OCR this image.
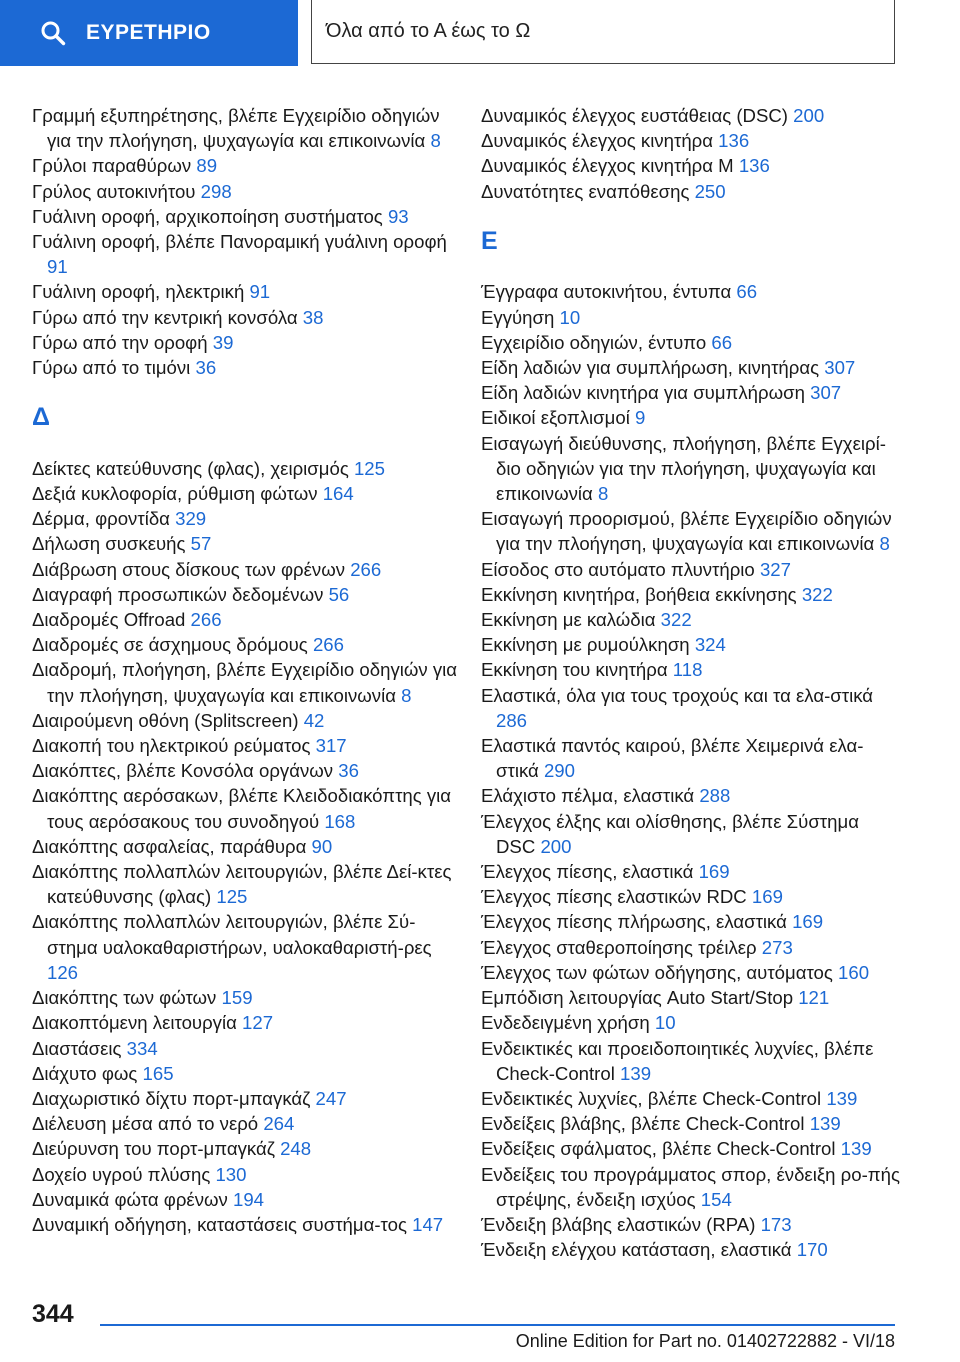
ΕΥΡΕΤΗΡΙΟ	Όλα από το Α έως το Ω
Γραμμή εξυπηρέτησης, βλέπε Εγχειρίδιο οδηγιών για την πλοήγηση, ψυχαγωγία και επικοινωνία 8
Γρύλοι παραθύρων 89
Γρύλος αυτοκινήτου 298
Γυάλινη οροφή, αρχικοποίηση συστήματος 93
Γυάλινη οροφή, βλέπε Πανοραμική γυάλινη οροφή 91
Γυάλινη οροφή, ηλεκτρική 91
Γύρω από την κεντρική κονσόλα 38
Γύρω από την οροφή 39
Γύρω από το τιμόνι 36
Δ
Δείκτες κατεύθυνσης (φλας), χειρισμός 125
Δεξιά κυκλοφορία, ρύθμιση φώτων 164
Δέρμα, φροντίδα 329
Δήλωση συσκευής 57
Διάβρωση στους δίσκους των φρένων 266
Διαγραφή προσωπικών δεδομένων 56
Διαδρομές Offroad 266
Διαδρομές σε άσχημους δρόμους 266
Διαδρομή, πλοήγηση, βλέπε Εγχειρίδιο οδηγιών για την πλοήγηση, ψυχαγωγία και επικοινωνία 8
Διαιρούμενη οθόνη (Splitscreen) 42
Διακοπή του ηλεκτρικού ρεύματος 317
Διακόπτες, βλέπε Κονσόλα οργάνων 36
Διακόπτης αερόσακων, βλέπε Κλειδοδιακόπτης για τους αερόσακους του συνοδηγού 168
Διακόπτης ασφαλείας, παράθυρα 90
Διακόπτης πολλαπλών λειτουργιών, βλέπε Δεί-κτες κατεύθυνσης (φλας) 125
Διακόπτης πολλαπλών λειτουργιών, βλέπε Σύ-στημα υαλοκαθαριστήρων, υαλοκαθαριστή-ρες 126
Διακόπτης των φώτων 159
Διακοπτόμενη λειτουργία 127
Διαστάσεις 334
Διάχυτο φως 165
Διαχωριστικό δίχτυ πορτ-μπαγκάζ 247
Διέλευση μέσα από το νερό 264
Διεύρυνση του πορτ-μπαγκάζ 248
Δοχείο υγρού πλύσης 130
Δυναμικά φώτα φρένων 194
Δυναμική οδήγηση, καταστάσεις συστήμα-τος 147
Δυναμικός έλεγχος ευστάθειας (DSC) 200
Δυναμικός έλεγχος κινητήρα 136
Δυναμικός έλεγχος κινητήρα M 136
Δυνατότητες εναπόθεσης 250
Ε
Έγγραφα αυτοκινήτου, έντυπα 66
Εγγύηση 10
Εγχειρίδιο οδηγιών, έντυπο 66
Είδη λαδιών για συμπλήρωση, κινητήρας 307
Είδη λαδιών κινητήρα για συμπλήρωση 307
Ειδικοί εξοπλισμοί 9
Εισαγωγή διεύθυνσης, πλοήγηση, βλέπε Εγχειρί-διο οδηγιών για την πλοήγηση, ψυχαγωγία και επικοινωνία 8
Εισαγωγή προορισμού, βλέπε Εγχειρίδιο οδηγιών για την πλοήγηση, ψυχαγωγία και επικοινωνία 8
Είσοδος στο αυτόματο πλυντήριο 327
Εκκίνηση κινητήρα, βοήθεια εκκίνησης 322
Εκκίνηση με καλώδια 322
Εκκίνηση με ρυμούλκηση 324
Εκκίνηση του κινητήρα 118
Ελαστικά, όλα για τους τροχούς και τα ελα-στικά 286
Ελαστικά παντός καιρού, βλέπε Χειμερινά ελα-στικά 290
Ελάχιστο πέλμα, ελαστικά 288
Έλεγχος έλξης και ολίσθησης, βλέπε Σύστημα DSC 200
Έλεγχος πίεσης, ελαστικά 169
Έλεγχος πίεσης ελαστικών RDC 169
Έλεγχος πίεσης πλήρωσης, ελαστικά 169
Έλεγχος σταθεροποίησης τρέιλερ 273
Έλεγχος των φώτων οδήγησης, αυτόματος 160
Εμπόδιση λειτουργίας Auto Start/Stop 121
Ενδεδειγμένη χρήση 10
Ενδεικτικές και προειδοποιητικές λυχνίες, βλέπε Check-Control 139
Ενδεικτικές λυχνίες, βλέπε Check-Control 139
Ενδείξεις βλάβης, βλέπε Check-Control 139
Ενδείξεις σφάλματος, βλέπε Check-Control 139
Ενδείξεις του προγράμματος σπορ, ένδειξη ρο-πής στρέψης, ένδειξη ισχύος 154
Ένδειξη βλάβης ελαστικών (RPA) 173
Ένδειξη ελέγχου κατάσταση, ελαστικά 170
344
Online Edition for Part no. 01402722882 - VI/18
